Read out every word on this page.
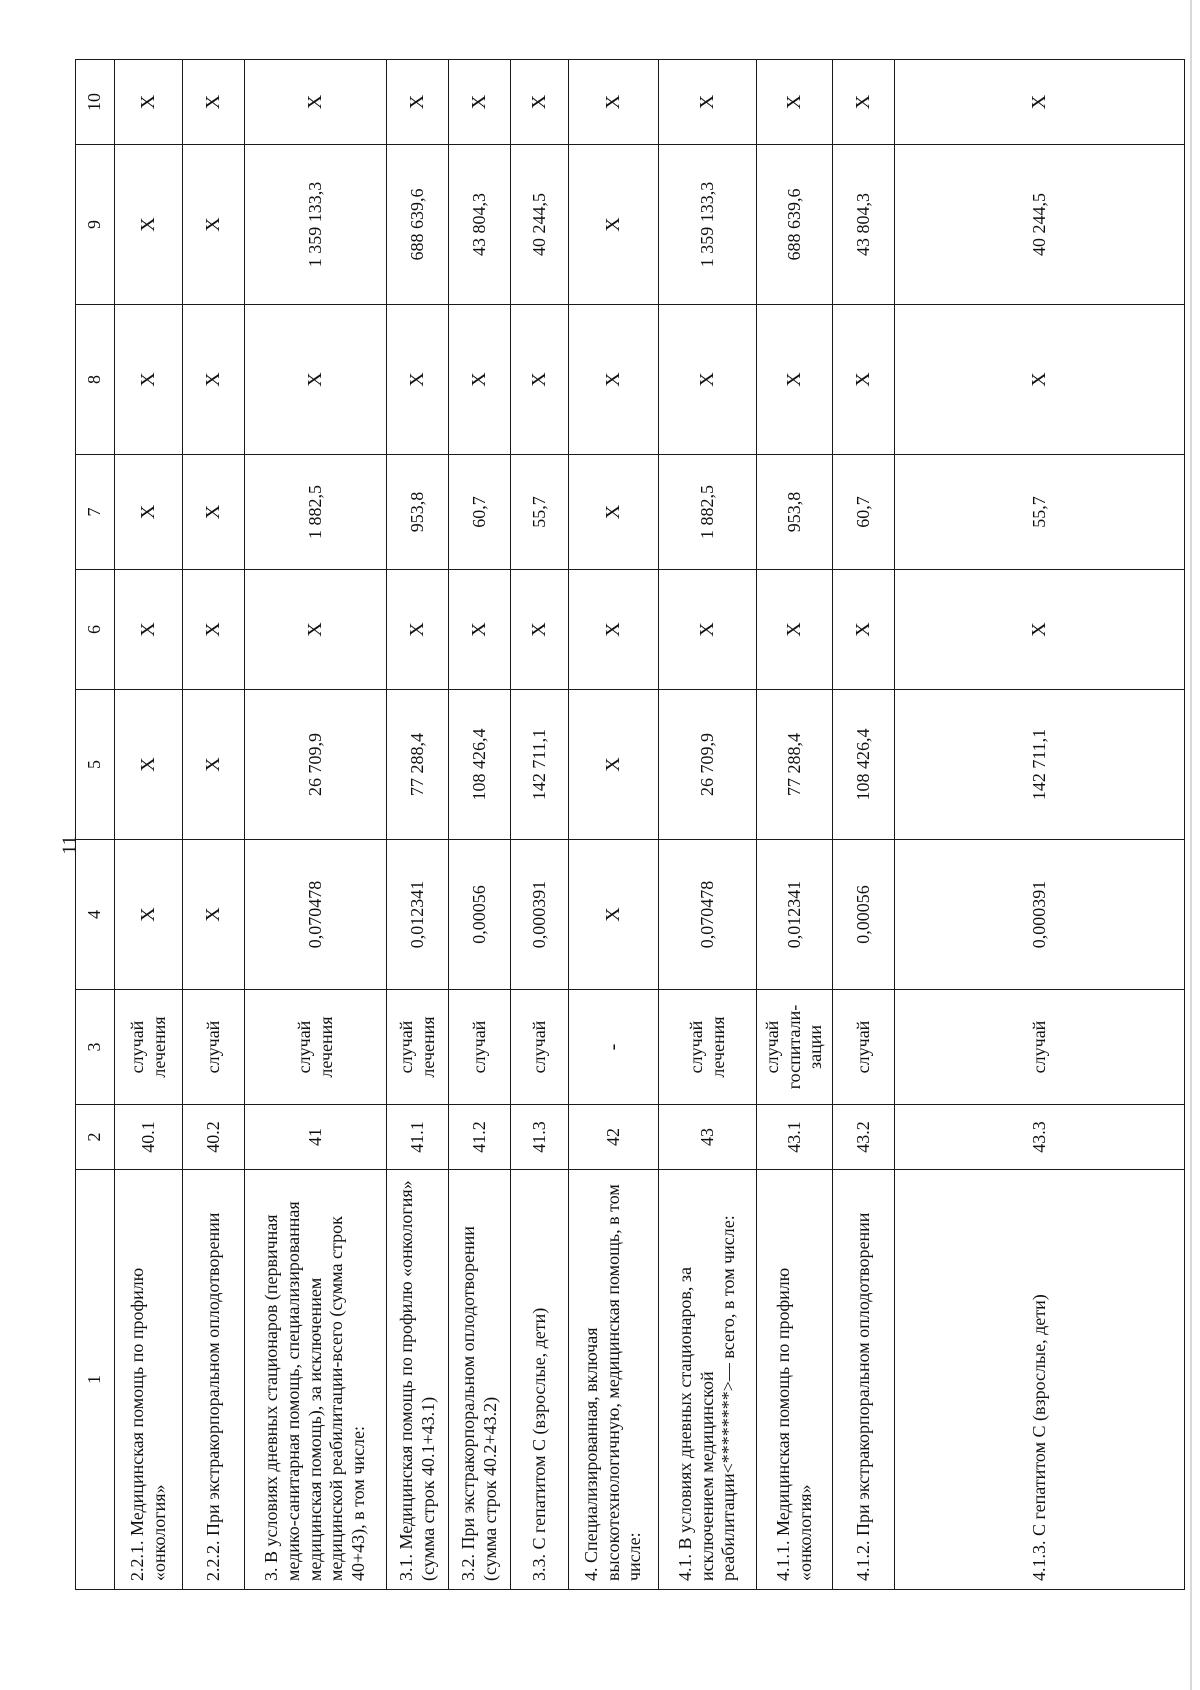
11
1	2	3	4	5	6	7	8	9	10
2.2.1. Медицинская помощь по профилю «онкология»	40.1	случай лечения	Х	Х	Х	Х	Х	Х	Х
2.2.2. При экстракорпоральном оплодотворении	40.2	случай	Х	Х	Х	Х	Х	Х	Х
3. В условиях дневных стационаров (первичная медико-санитарная помощь, специализированная медицинская помощь), за исключением медицинской реабилитации-всего (сумма строк 40+43), в том числе:	41	случай лечения	0,070478	26 709,9	Х	1 882,5	Х	1 359 133,3	Х
3.1. Медицинская помощь по профилю «онкология» (сумма строк 40.1+43.1)	41.1	случай лечения	0,012341	77 288,4	Х	953,8	Х	688 639,6	Х
3.2. При экстракорпоральном оплодотворении (сумма строк 40.2+43.2)	41.2	случай	0,00056	108 426,4	Х	60,7	Х	43 804,3	Х
3.3. С гепатитом С (взрослые, дети)	41.3	случай	0,000391	142 711,1	Х	55,7	Х	40 244,5	Х
4. Специализированная, включая высокотехнологичную, медицинская помощь, в том числе:	42	-	Х	Х	Х	Х	Х	Х	Х
4.1. В условиях дневных стационаров, за исключением медицинской реабилитации<********>— всего, в том числе:	43	случай лечения	0,070478	26 709,9	Х	1 882,5	Х	1 359 133,3	Х
4.1.1. Медицинская помощь по профилю «онкология»	43.1	случай госпитали-зации	0,012341	77 288,4	Х	953,8	Х	688 639,6	Х
4.1.2. При экстракорпоральном оплодотворении	43.2	случай	0,00056	108 426,4	Х	60,7	Х	43 804,3	Х
4.1.3. С гепатитом С (взрослые, дети)	43.3	случай	0,000391	142 711,1	Х	55,7	Х	40 244,5	Х
